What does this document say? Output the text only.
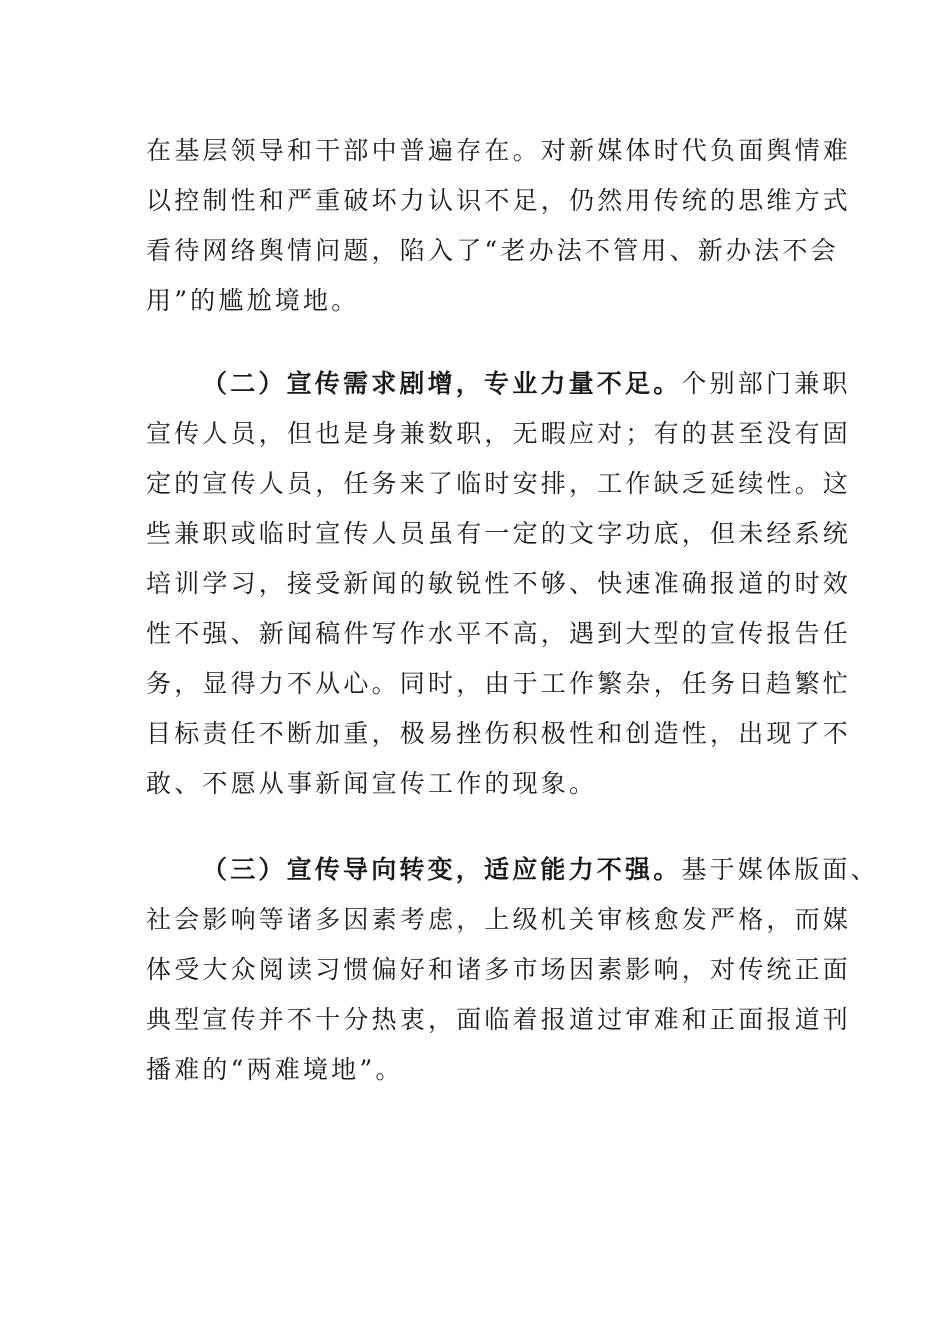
在基层领导和干部中普遍存在。对新媒体时代负面舆情难
以控制性和严重破坏力认识不足，仍然用传统的思维方式
看待网络舆情问题，陷入了“老办法不管用、新办法不会
用”的尴尬境地。
（二）宣传需求剧增，专业力量不足。个别部门兼职
宣传人员，但也是身兼数职，无暇应对；有的甚至没有固
定的宣传人员，任务来了临时安排，工作缺乏延续性。这
些兼职或临时宣传人员虽有一定的文字功底，但未经系统
培训学习，接受新闻的敏锐性不够、快速准确报道的时效
性不强、新闻稿件写作水平不高，遇到大型的宣传报告任
务，显得力不从心。同时，由于工作繁杂，任务日趋繁忙
目标责任不断加重，极易挫伤积极性和创造性，出现了不
敢、不愿从事新闻宣传工作的现象。
（三）宣传导向转变，适应能力不强。基于媒体版面、
社会影响等诸多因素考虑，上级机关审核愈发严格，而媒
体受大众阅读习惯偏好和诸多市场因素影响，对传统正面
典型宣传并不十分热衷，面临着报道过审难和正面报道刊
播难的“两难境地”。
